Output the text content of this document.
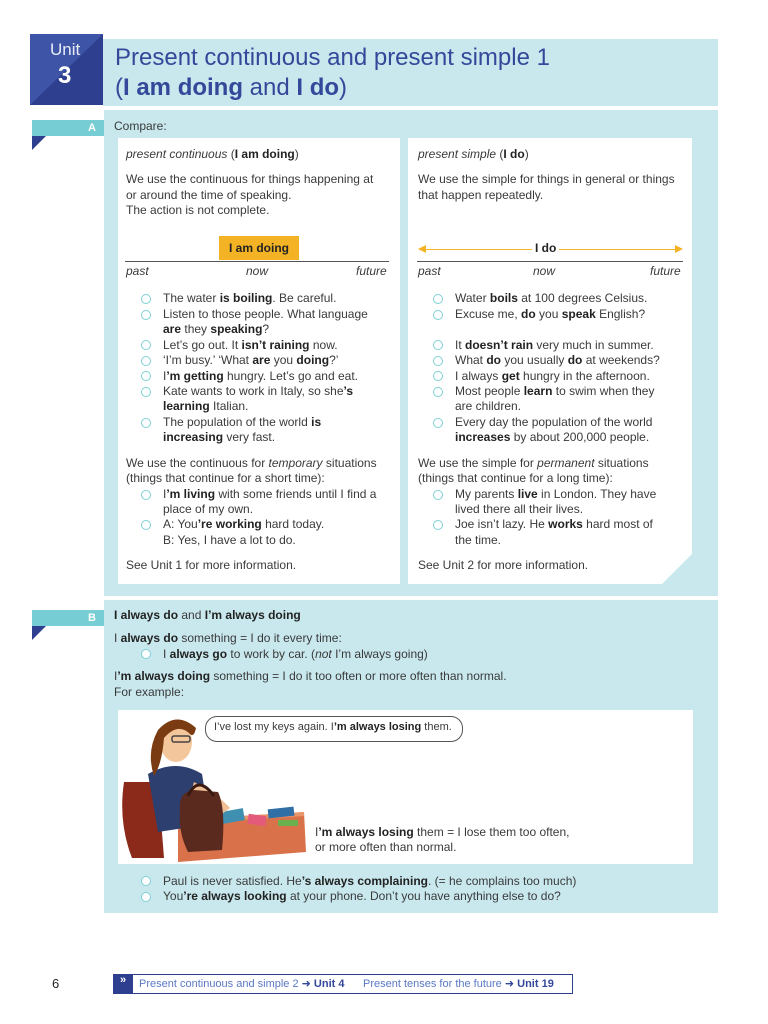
Unit
3
Present continuous and present simple 1
(I am doing and I do)
A	Compare:
present continuous (I am doing)
We use the continuous for things happening at
or around the time of speaking.
The action is not complete.
I am doing
past	now	future
The water is boiling. Be careful.
Listen to those people. What language
are they speaking?
Let’s go out. It isn’t raining now.
‘I’m busy.’ ‘What are you doing?’
I’m getting hungry. Let’s go and eat.
Kate wants to work in Italy, so she’s
learning Italian.
The population of the world is
increasing very fast.
We use the continuous for temporary situations
(things that continue for a short time):
I’m living with some friends until I find a
place of my own.
A: You’re working hard today.
B: Yes, I have a lot to do.
See Unit 1 for more information.
present simple (I do)
We use the simple for things in general or things
that happen repeatedly.
I do
past	now	future
Water boils at 100 degrees Celsius.
Excuse me, do you speak English?
It doesn’t rain very much in summer.
What do you usually do at weekends?
I always get hungry in the afternoon.
Most people learn to swim when they
are children.
Every day the population of the world
increases by about 200,000 people.
We use the simple for permanent situations
(things that continue for a long time):
My parents live in London. They have
lived there all their lives.
Joe isn’t lazy. He works hard most of
the time.
See Unit 2 for more information.
B	I always do and I’m always doing
I always do something = I do it every time:
I always go to work by car. (not I’m always going)
I’m always doing something = I do it too often or more often than normal.
For example:
I’ve lost my keys again. I’m always losing them.
I’m always losing them = I lose them too often,
or more often than normal.
Paul is never satisfied. He’s always complaining. (= he complains too much)
You’re always looking at your phone. Don’t you have anything else to do?
6	»	Present continuous and simple 2 ➜ Unit 4 Present tenses for the future ➜ Unit 19
